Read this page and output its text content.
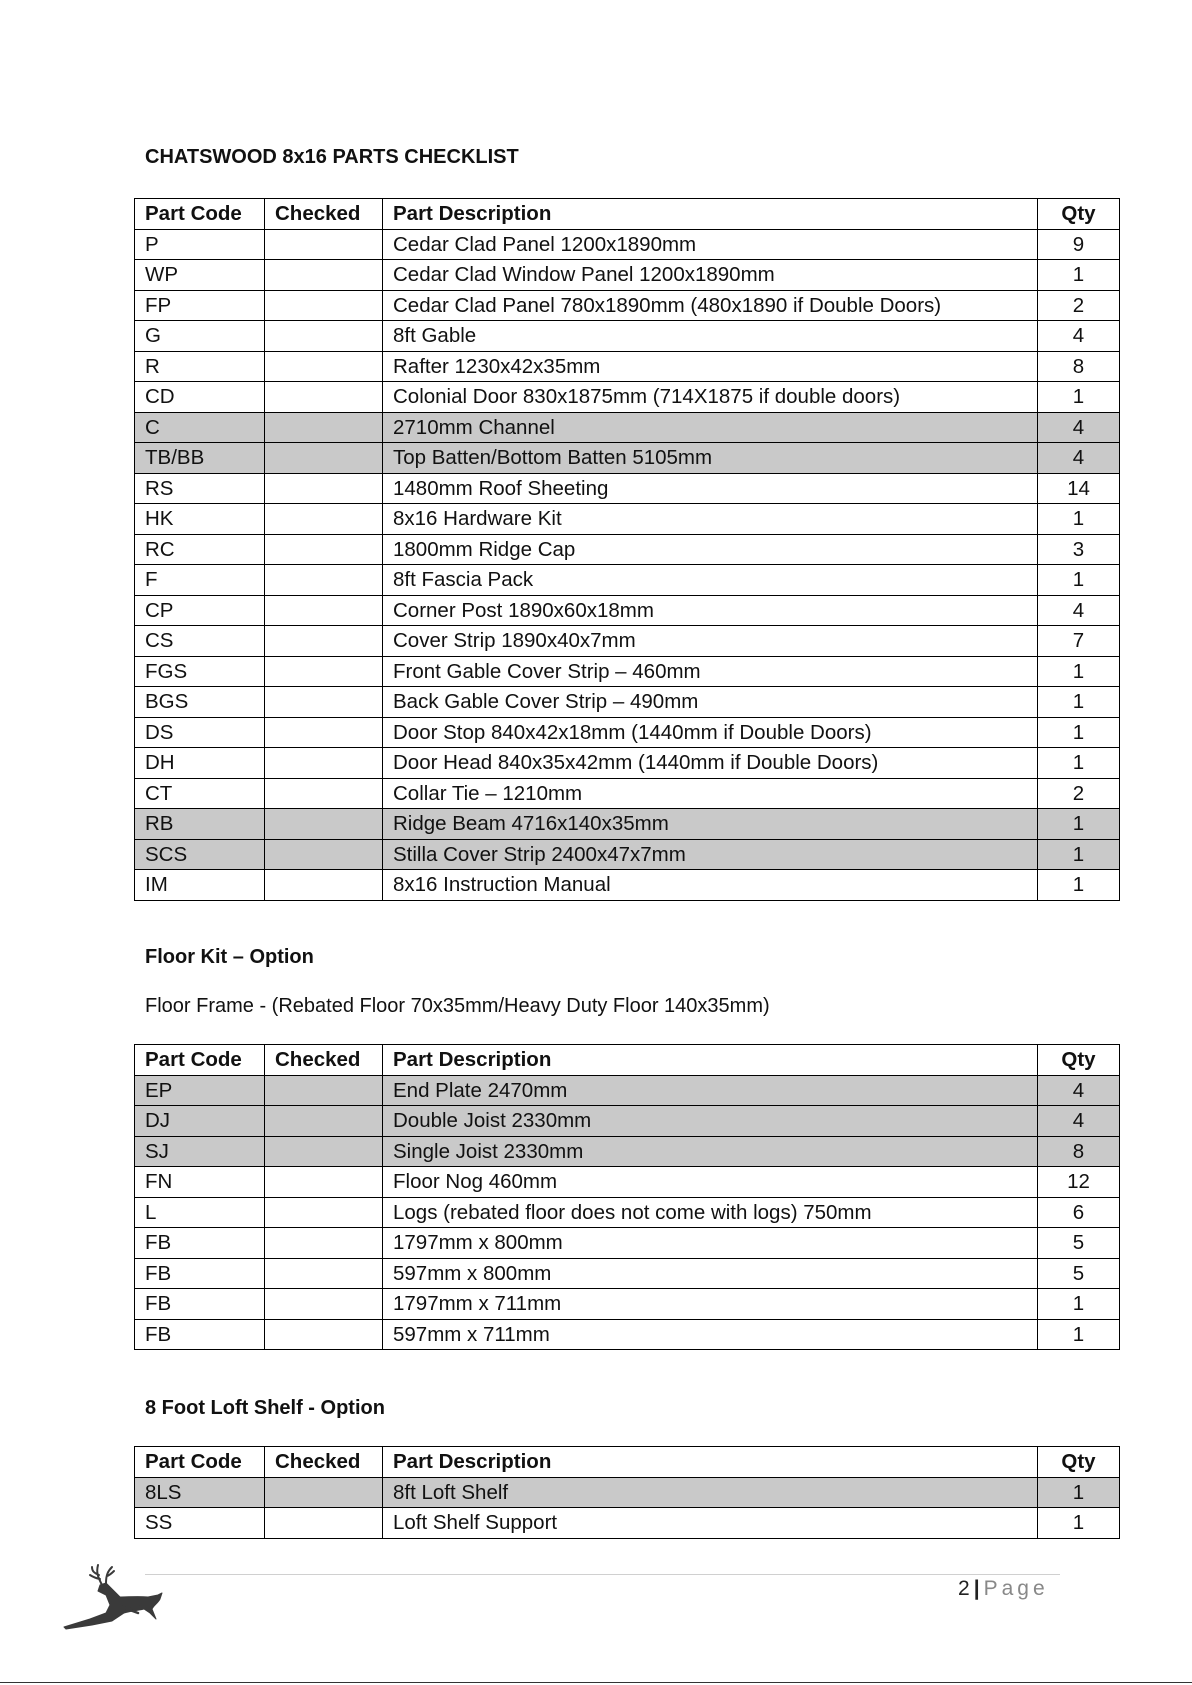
CHATSWOOD 8x16 PARTS CHECKLIST
Part Code	Checked	Part Description	Qty
P		Cedar Clad Panel 1200x1890mm	9
WP		Cedar Clad Window Panel 1200x1890mm	1
FP		Cedar Clad Panel 780x1890mm (480x1890 if Double Doors)	2
G		8ft Gable	4
R		Rafter 1230x42x35mm	8
CD		Colonial Door 830x1875mm (714X1875 if double doors)	1
C		2710mm Channel	4
TB/BB		Top Batten/Bottom Batten 5105mm	4
RS		1480mm Roof Sheeting	14
HK		8x16 Hardware Kit	1
RC		1800mm Ridge Cap	3
F		8ft Fascia Pack	1
CP		Corner Post 1890x60x18mm	4
CS		Cover Strip 1890x40x7mm	7
FGS		Front Gable Cover Strip – 460mm	1
BGS		Back Gable Cover Strip – 490mm	1
DS		Door Stop 840x42x18mm (1440mm if Double Doors)	1
DH		Door Head 840x35x42mm (1440mm if Double Doors)	1
CT		Collar Tie – 1210mm	2
RB		Ridge Beam 4716x140x35mm	1
SCS		Stilla Cover Strip 2400x47x7mm	1
IM		8x16 Instruction Manual	1
Floor Kit – Option
Floor Frame - (Rebated Floor 70x35mm/Heavy Duty Floor 140x35mm)
Part Code	Checked	Part Description	Qty
EP		End Plate 2470mm	4
DJ		Double Joist 2330mm	4
SJ		Single Joist 2330mm	8
FN		Floor Nog 460mm	12
L		Logs (rebated floor does not come with logs) 750mm	6
FB		1797mm x 800mm	5
FB		597mm x 800mm	5
FB		1797mm x 711mm	1
FB		597mm x 711mm	1
8 Foot Loft Shelf - Option
Part Code	Checked	Part Description	Qty
8LS		8ft Loft Shelf	1
SS		Loft Shelf Support	1
2 | Page
